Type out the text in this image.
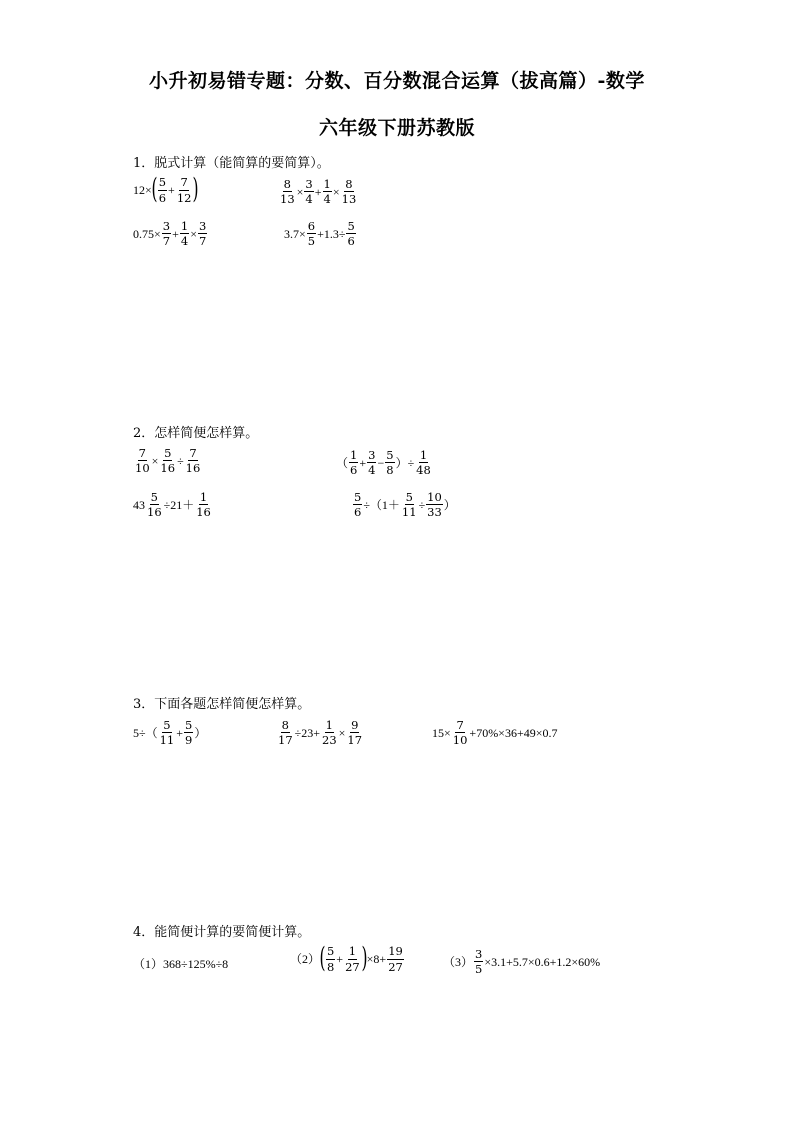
小升初易错专题：分数、百分数混合运算（拔高篇）-数学
六年级下册苏教版
1．脱式计算（能简算的要简算）。
12× ( $\frac{5}{6} + \frac{7}{12}$ )	$\frac{8}{13} \times \frac{3}{4} + \frac{1}{4} \times \frac{8}{13}$
$0.75\times \frac{3}{7} + \frac{1}{4} \times \frac{3}{7}$	$3.7\times \frac{6}{5} +1.3\div \frac{5}{6}$
2．怎样简便怎样算。
$\frac{7}{10} \times \frac{5}{16} \div \frac{7}{16}$	（ $\frac{1}{6} + \frac{3}{4} - \frac{5}{8}$ ）÷ $\frac{1}{48}$
$43 \frac{5}{16} \div 21+ \frac{1}{16}$	$\frac{5}{6} \div(1+ \frac{5}{11} \div \frac{10}{33}$ ）
3．下面各题怎样简便怎样算。
$5\div( \frac{5}{11} + \frac{5}{9}$ ）	$\frac{8}{17} \div 23+ \frac{1}{23} \times \frac{9}{17}$	$15\times \frac{7}{10} +70\%\times 36+49\times 0.7$
4．能简便计算的要简便计算。
（1）368÷125%÷8	（2） ( $\frac{5}{8} + \frac{1}{27}$ ) $\times 8+ \frac{19}{27}$	$(3) \frac{3}{5} \times 3.1+5.7\times 0.6+1.2\times 60\%$
